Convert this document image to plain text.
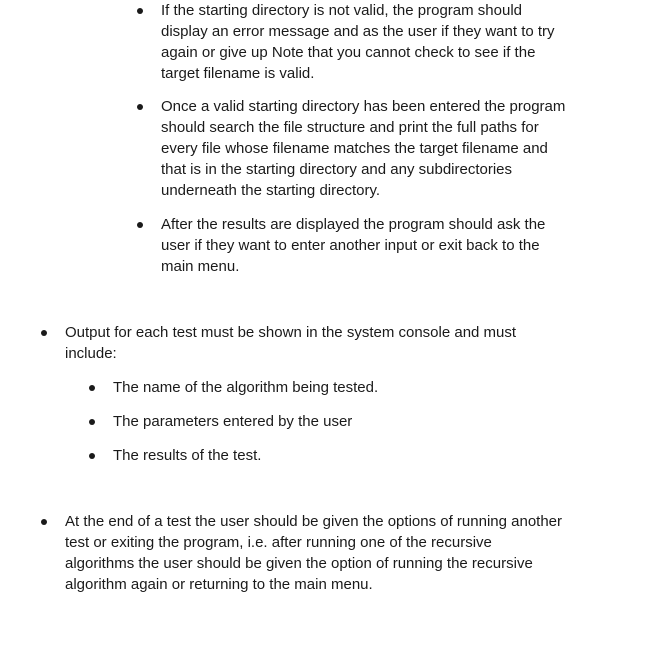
If the starting directory is not valid, the program should
display an error message and as the user if they want to try
again or give up Note that you cannot check to see if the
target filename is valid.
Once a valid starting directory has been entered the program
should search the file structure and print the full paths for
every file whose filename matches the target filename and
that is in the starting directory and any subdirectories
underneath the starting directory.
After the results are displayed the program should ask the
user if they want to enter another input or exit back to the
main menu.
Output for each test must be shown in the system console and must
include:
The name of the algorithm being tested.
The parameters entered by the user
The results of the test.
At the end of a test the user should be given the options of running another
test or exiting the program, i.e. after running one of the recursive
algorithms the user should be given the option of running the recursive
algorithm again or returning to the main menu.
